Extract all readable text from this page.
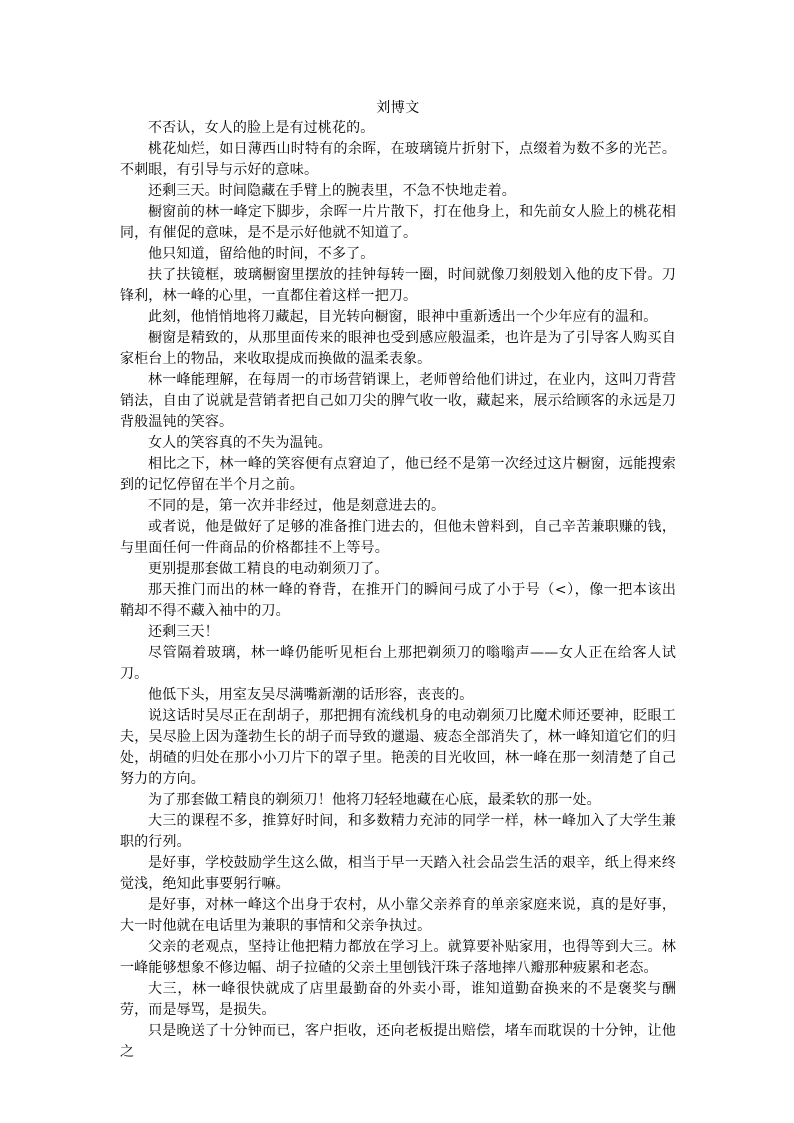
刘博文

不否认，女人的脸上是有过桃花的。

桃花灿烂，如日薄西山时特有的余晖，在玻璃镜片折射下，点缀着为数不多的光芒。不刺眼，有引导与示好的意味。

还剩三天。时间隐藏在手臂上的腕表里，不急不快地走着。

橱窗前的林一峰定下脚步，余晖一片片散下，打在他身上，和先前女人脸上的桃花相同，有催促的意味，是不是示好他就不知道了。

他只知道，留给他的时间，不多了。

扶了扶镜框，玻璃橱窗里摆放的挂钟每转一圈，时间就像刀刻般划入他的皮下骨。刀锋利，林一峰的心里，一直都住着这样一把刀。

此刻，他悄悄地将刀藏起，目光转向橱窗，眼神中重新透出一个少年应有的温和。

橱窗是精致的，从那里面传来的眼神也受到感应般温柔，也许是为了引导客人购买自家柜台上的物品，来收取提成而换做的温柔表象。

林一峰能理解，在每周一的市场营销课上，老师曾给他们讲过，在业内，这叫刀背营销法，自由了说就是营销者把自己如刀尖的脾气收一收，藏起来，展示给顾客的永远是刀背般温钝的笑容。

女人的笑容真的不失为温钝。

相比之下，林一峰的笑容便有点窘迫了，他已经不是第一次经过这片橱窗，远能搜索到的记忆停留在半个月之前。

不同的是，第一次并非经过，他是刻意进去的。

或者说，他是做好了足够的准备推门进去的，但他未曾料到，自己辛苦兼职赚的钱，与里面任何一件商品的价格都挂不上等号。

更别提那套做工精良的电动剃须刀了。

那天推门而出的林一峰的脊背，在推开门的瞬间弓成了小于号（<），像一把本该出鞘却不得不藏入袖中的刀。

还剩三天！

尽管隔着玻璃，林一峰仍能听见柜台上那把剃须刀的嗡嗡声——女人正在给客人试刀。

他低下头，用室友吴尽满嘴新潮的话形容，丧丧的。

说这话时吴尽正在刮胡子，那把拥有流线机身的电动剃须刀比魔术师还要神，眨眼工夫，吴尽脸上因为蓬勃生长的胡子而导致的邋遢、疲态全部消失了，林一峰知道它们的归处，胡碴的归处在那小小刀片下的罩子里。艳羡的目光收回，林一峰在那一刻清楚了自己努力的方向。

为了那套做工精良的剃须刀！他将刀轻轻地藏在心底，最柔软的那一处。

大三的课程不多，推算好时间，和多数精力充沛的同学一样，林一峰加入了大学生兼职的行列。

是好事，学校鼓励学生这么做，相当于早一天踏入社会品尝生活的艰辛，纸上得来终觉浅，绝知此事要躬行嘛。

是好事，对林一峰这个出身于农村，从小靠父亲养育的单亲家庭来说，真的是好事，大一时他就在电话里为兼职的事情和父亲争执过。

父亲的老观点，坚持让他把精力都放在学习上。就算要补贴家用，也得等到大三。林一峰能够想象不修边幅、胡子拉碴的父亲土里刨钱汗珠子落地摔八瓣那种疲累和老态。

大三，林一峰很快就成了店里最勤奋的外卖小哥，谁知道勤奋换来的不是褒奖与酬劳，而是辱骂，是损失。

只是晚送了十分钟而已，客户拒收，还向老板提出赔偿，堵车而耽误的十分钟，让他之
